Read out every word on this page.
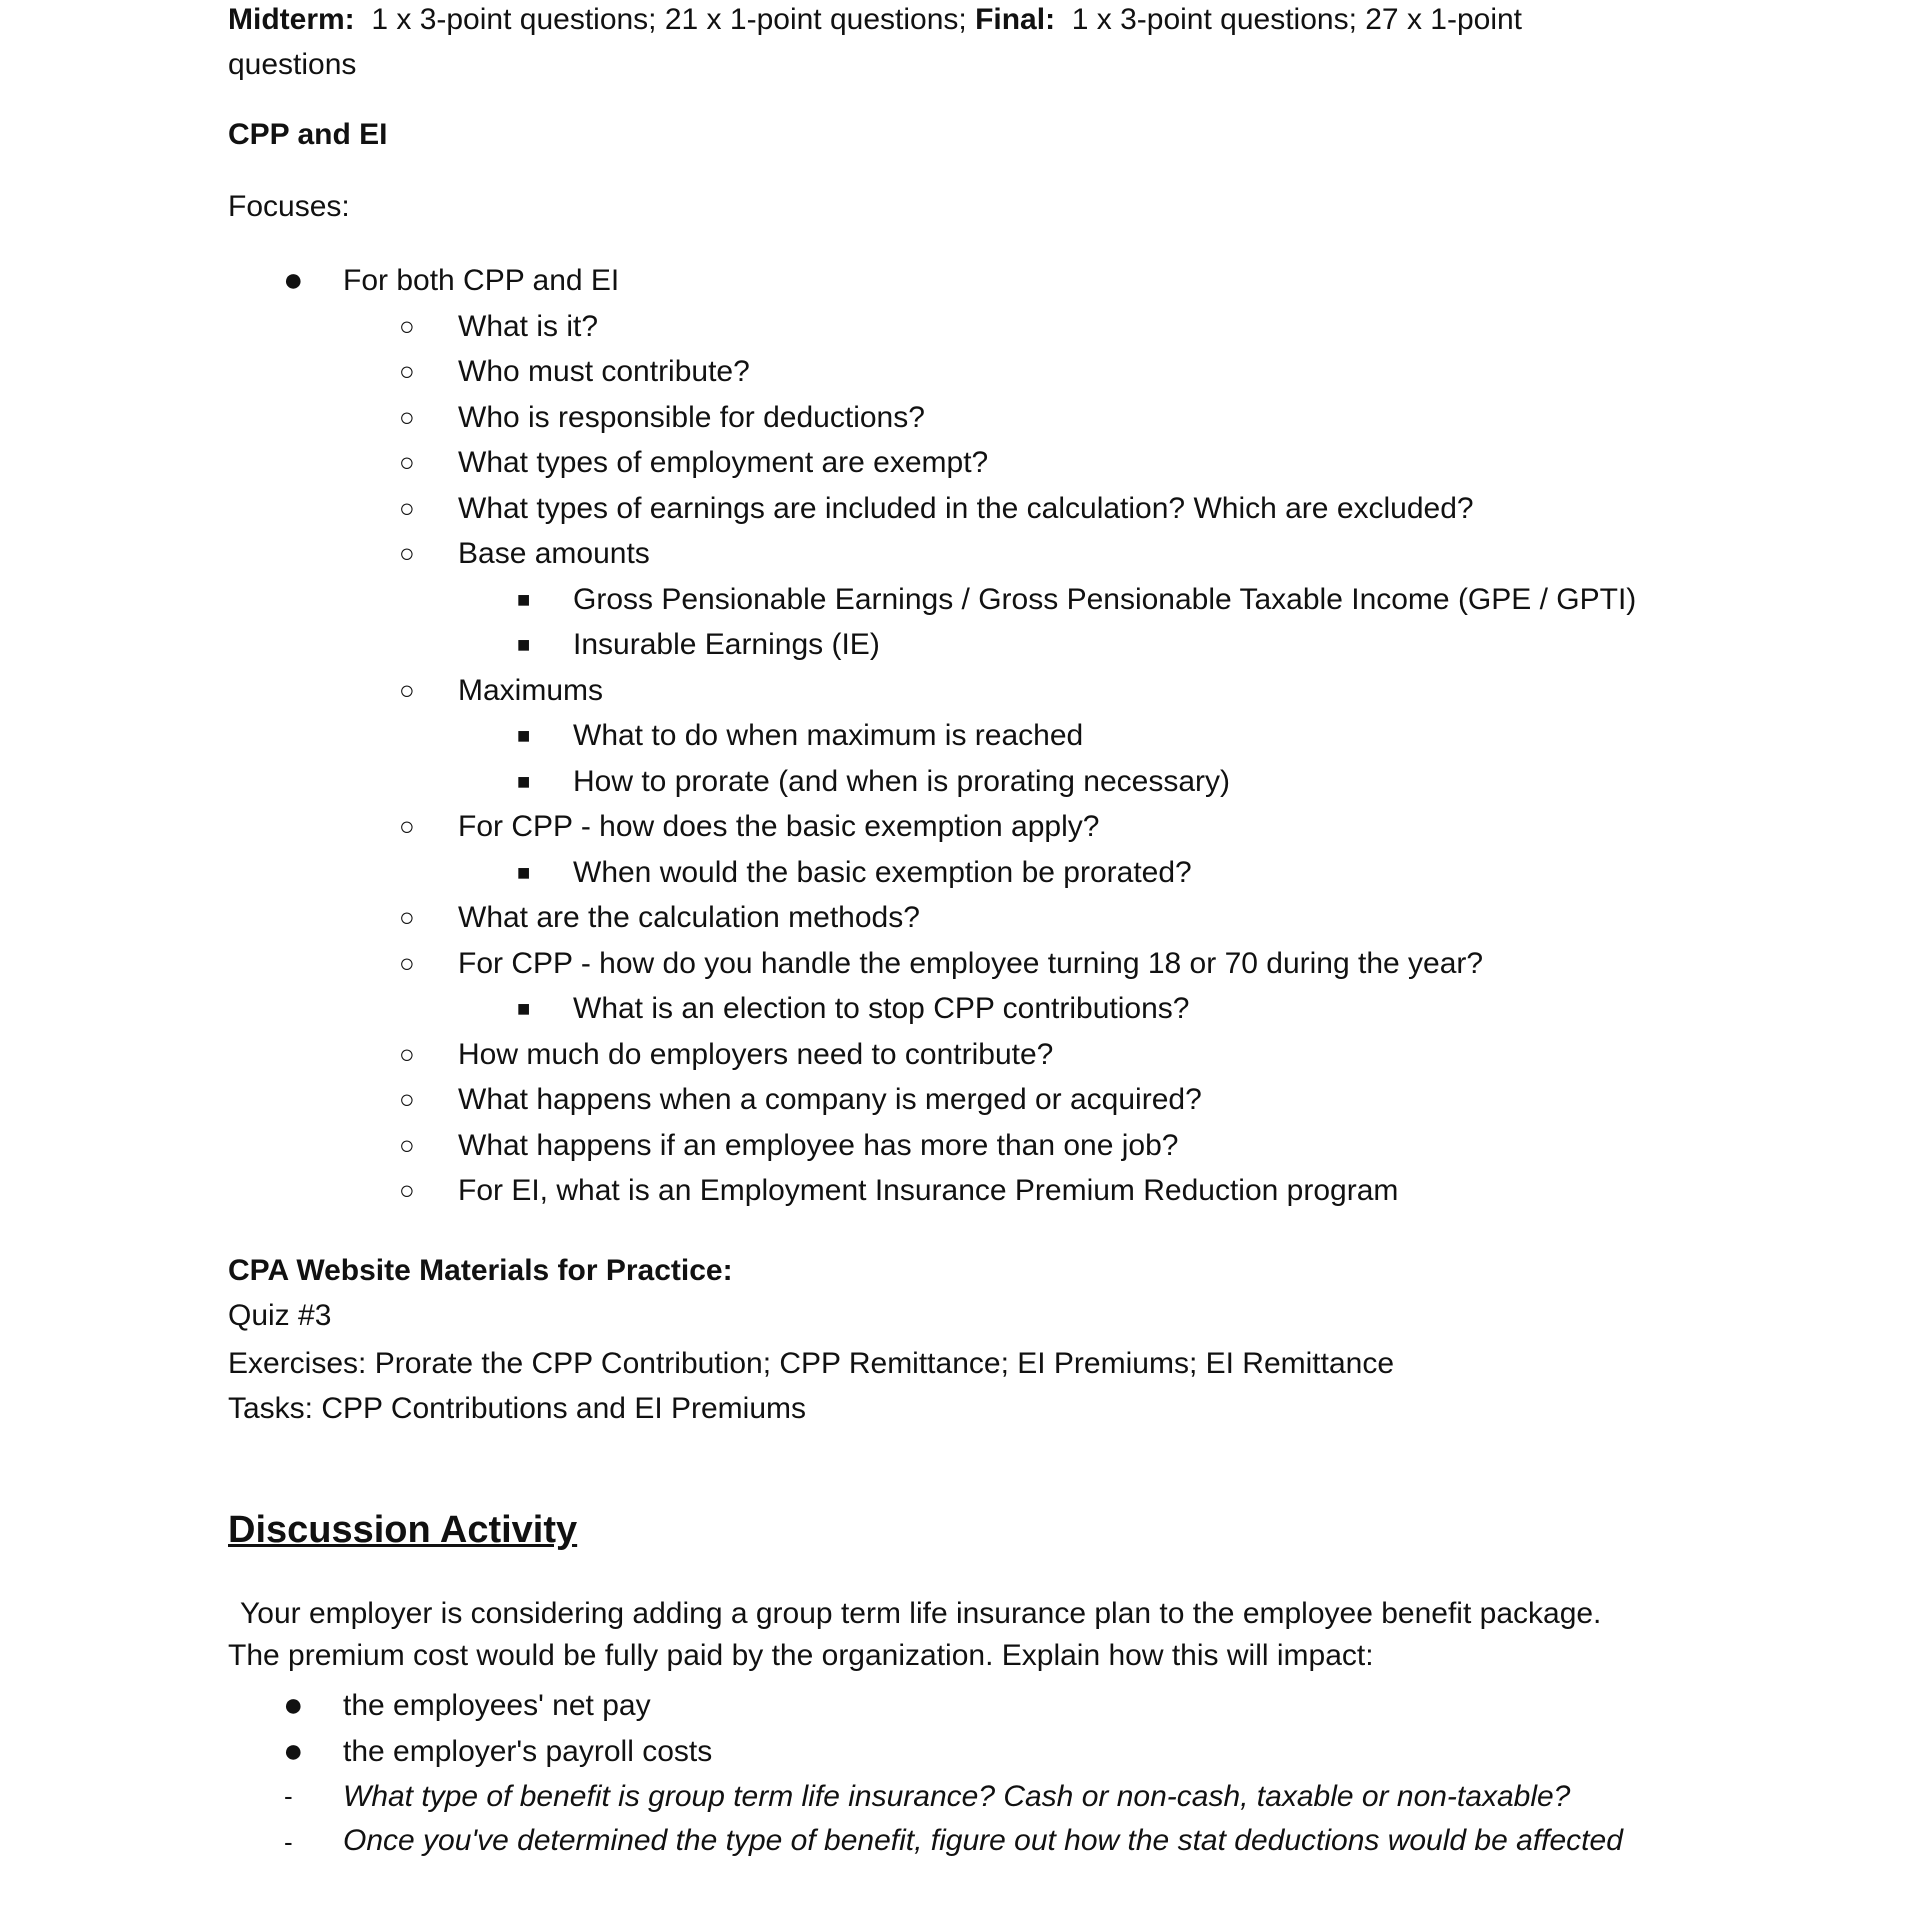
Midterm: 1 x 3-point questions; 21 x 1-point questions; Final: 1 x 3-point questions; 27 x 1-point
questions

CPP and EI
Focuses:
● For both CPP and EI
○ What is it?
○ Who must contribute?
○ Who is responsible for deductions?
○ What types of employment are exempt?
○ What types of earnings are included in the calculation? Which are excluded?
○ Base amounts
■ Gross Pensionable Earnings / Gross Pensionable Taxable Income (GPE / GPTI)
■ Insurable Earnings (IE)
○ Maximums
■ What to do when maximum is reached
■ How to prorate (and when is prorating necessary)
○ For CPP - how does the basic exemption apply?
■ When would the basic exemption be prorated?
○ What are the calculation methods?
○ For CPP - how do you handle the employee turning 18 or 70 during the year?
■ What is an election to stop CPP contributions?
○ How much do employers need to contribute?
○ What happens when a company is merged or acquired?
○ What happens if an employee has more than one job?
○ For EI, what is an Employment Insurance Premium Reduction program
CPA Website Materials for Practice:
Quiz #3
Exercises: Prorate the CPP Contribution; CPP Remittance; EI Premiums; EI Remittance
Tasks: CPP Contributions and EI Premiums
Discussion Activity
Your employer is considering adding a group term life insurance plan to the employee benefit package.
The premium cost would be fully paid by the organization. Explain how this will impact:
● the employees' net pay
● the employer's payroll costs
- What type of benefit is group term life insurance? Cash or non-cash, taxable or non-taxable?
- Once you've determined the type of benefit, figure out how the stat deductions would be affected
